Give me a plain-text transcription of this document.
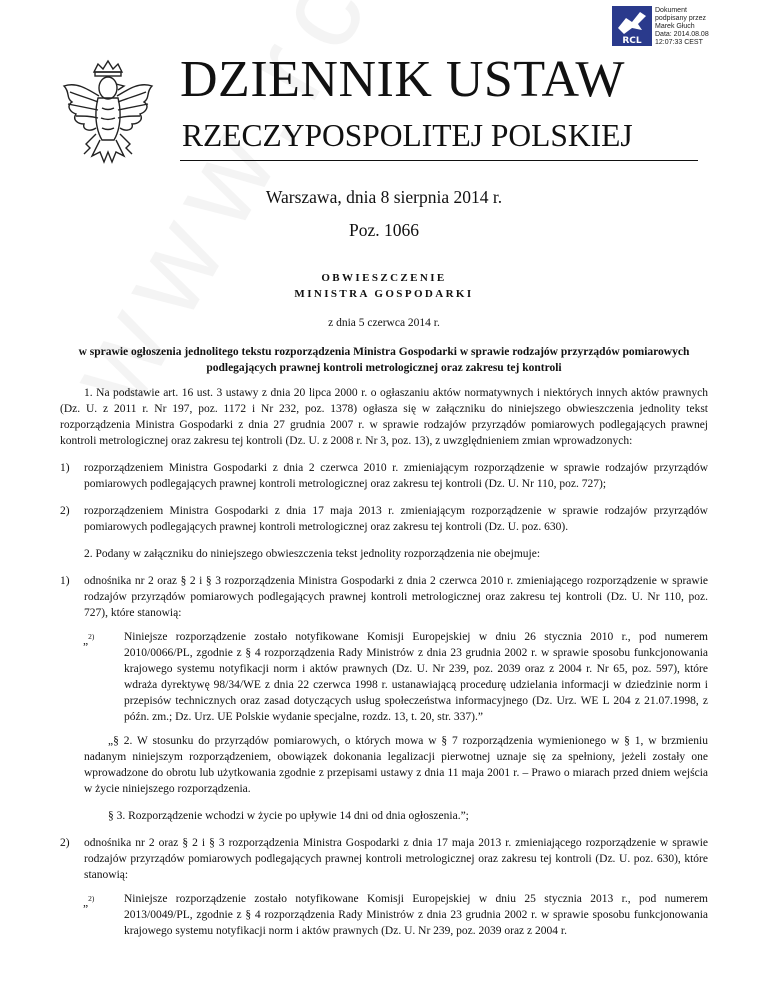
RCL
Dokument
podpisany przez
Marek Głuch
Data: 2014.08.08
12:07:33 CEST
DZIENNIK USTAW
RZECZYPOSPOLITEJ POLSKIEJ
Warszawa, dnia 8 sierpnia 2014 r.
Poz. 1066
OBWIESZCZENIE
MINISTRA GOSPODARKI
z dnia 5 czerwca 2014 r.
w sprawie ogłoszenia jednolitego tekstu rozporządzenia Ministra Gospodarki w sprawie rodzajów przyrządów pomiarowych podlegających prawnej kontroli metrologicznej oraz zakresu tej kontroli

1. Na podstawie art. 16 ust. 3 ustawy z dnia 20 lipca 2000 r. o ogłaszaniu aktów normatywnych i niektórych innych aktów prawnych (Dz. U. z 2011 r. Nr 197, poz. 1172 i Nr 232, poz. 1378) ogłasza się w załączniku do niniejszego obwieszczenia jednolity tekst rozporządzenia Ministra Gospodarki z dnia 27 grudnia 2007 r. w sprawie rodzajów przyrządów pomiarowych podlegających prawnej kontroli metrologicznej oraz zakresu tej kontroli (Dz. U. z 2008 r. Nr 3, poz. 13), z uwzględnieniem zmian wprowadzonych:

1) rozporządzeniem Ministra Gospodarki z dnia 2 czerwca 2010 r. zmieniającym rozporządzenie w sprawie rodzajów przyrządów pomiarowych podlegających prawnej kontroli metrologicznej oraz zakresu tej kontroli (Dz. U. Nr 110, poz. 727);
2) rozporządzeniem Ministra Gospodarki z dnia 17 maja 2013 r. zmieniającym rozporządzenie w sprawie rodzajów przyrządów pomiarowych podlegających prawnej kontroli metrologicznej oraz zakresu tej kontroli (Dz. U. poz. 630).

2. Podany w załączniku do niniejszego obwieszczenia tekst jednolity rozporządzenia nie obejmuje:

1) odnośnika nr 2 oraz § 2 i § 3 rozporządzenia Ministra Gospodarki z dnia 2 czerwca 2010 r. zmieniającego rozporządzenie w sprawie rodzajów przyrządów pomiarowych podlegających prawnej kontroli metrologicznej oraz zakresu tej kontroli (Dz. U. Nr 110, poz. 727), które stanowią:
„$^{2)}$	Niniejsze rozporządzenie zostało notyfikowane Komisji Europejskiej w dniu 26 stycznia 2010 r., pod numerem 2010/0066/PL, zgodnie z § 4 rozporządzenia Rady Ministrów z dnia 23 grudnia 2002 r. w sprawie sposobu funkcjonowania krajowego systemu notyfikacji norm i aktów prawnych (Dz. U. Nr 239, poz. 2039 oraz z 2004 r. Nr 65, poz. 597), które wdraża dyrektywę 98/34/WE z dnia 22 czerwca 1998 r. ustanawiającą procedurę udzielania informacji w dziedzinie norm i przepisów technicznych oraz zasad dotyczących usług społeczeństwa informacyjnego (Dz. Urz. WE L 204 z 21.07.1998, z późn. zm.; Dz. Urz. UE Polskie wydanie specjalne, rozdz. 13, t. 20, str. 337).”

„§ 2. W stosunku do przyrządów pomiarowych, o których mowa w § 7 rozporządzenia wymienionego w § 1, w brzmieniu nadanym niniejszym rozporządzeniem, obowiązek dokonania legalizacji pierwotnej uznaje się za spełniony, jeżeli zostały one wprowadzone do obrotu lub użytkowania zgodnie z przepisami ustawy z dnia 11 maja 2001 r. – Prawo o miarach przed dniem wejścia w życie niniejszego rozporządzenia.

§ 3. Rozporządzenie wchodzi w życie po upływie 14 dni od dnia ogłoszenia.”;

2) odnośnika nr 2 oraz § 2 i § 3 rozporządzenia Ministra Gospodarki z dnia 17 maja 2013 r. zmieniającego rozporządzenie w sprawie rodzajów przyrządów pomiarowych podlegających prawnej kontroli metrologicznej oraz zakresu tej kontroli (Dz. U. poz. 630), które stanowią:
„$^{2)}$	Niniejsze rozporządzenie zostało notyfikowane Komisji Europejskiej w dniu 25 stycznia 2013 r., pod numerem 2013/0049/PL, zgodnie z § 4 rozporządzenia Rady Ministrów z dnia 23 grudnia 2002 r. w sprawie sposobu funkcjonowania krajowego systemu notyfikacji norm i aktów prawnych (Dz. U. Nr 239, poz. 2039 oraz z 2004 r.
